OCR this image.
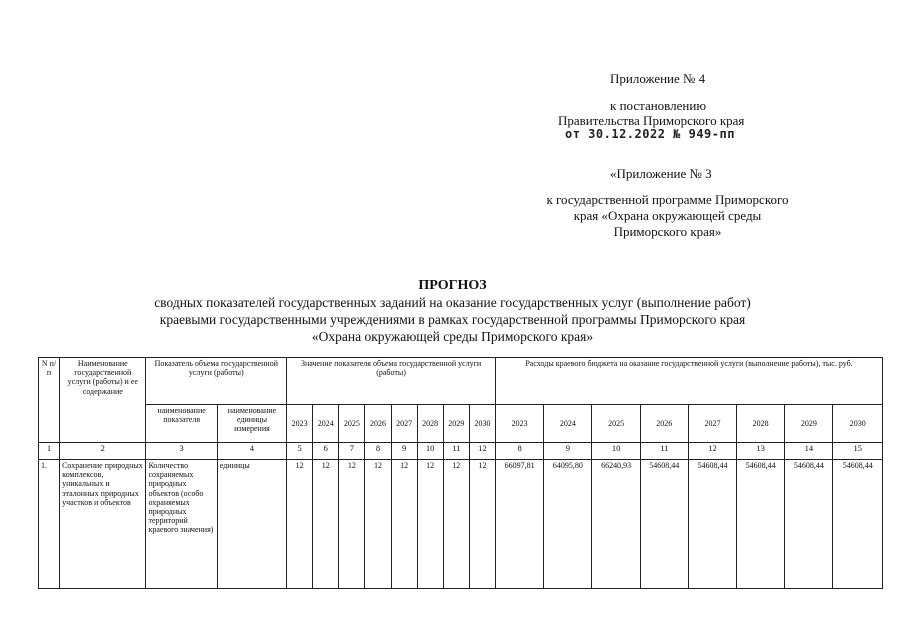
Приложение № 4
к постановлению
Правительства Приморского края
от 30.12.2022 № 949-пп
«Приложение № 3
к государственной программе Приморского
края «Охрана окружающей среды
Приморского края»
ПРОГНОЗ
сводных показателей государственных заданий на оказание государственных услуг (выполнение работ)
краевыми государственными учреждениями в рамках государственной программы Приморского края
«Охрана окружающей среды Приморского края»
N п/п	Наименование государственной услуги (работы) и ее содержание	Показатель объема государственной услуги (работы)		Значение показателя объема государственной услуги (работы)								Расходы краевого бюджета на оказание государственной услуги (выполнение работы), тыс. руб.							
		наименование показателя	наименование единицы измерения	2023	2024	2025	2026	2027	2028	2029	2030	2023	2024	2025	2026	2027	2028	2029	2030
1	2	3	4	5	6	7	8	9	10	11	12	8	9	10	11	12	13	14	15
1.	Сохранение природных комплексов, уникальных и эталонных природных участков и объектов	Количество сохраняемых природных объектов (особо охраняемых природных территорий краевого значения)	единицы	12	12	12	12	12	12	12	12	66097,81	64095,80	66240,93	54608,44	54608,44	54608,44	54608,44	54608,44
